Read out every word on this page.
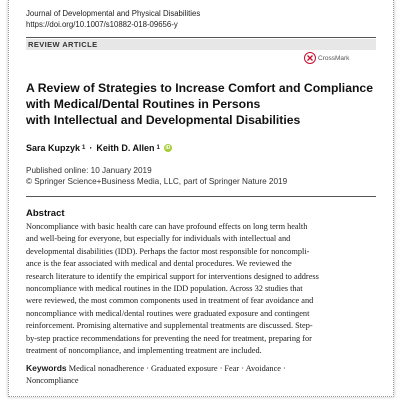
Journal of Developmental and Physical Disabilities
https://doi.org/10.1007/s10882-018-09656-y
REVIEW ARTICLE
CrossMark
A Review of Strategies to Increase Comfort and Compliance
with Medical/Dental Routines in Persons
with Intellectual and Developmental Disabilities
Sara Kupzyk 1 · Keith D. Allen 1	iD
Published online: 10 January 2019
© Springer Science+Business Media, LLC, part of Springer Nature 2019
Abstract
Noncompliance with basic health care can have profound effects on long term health
and well-being for everyone, but especially for individuals with intellectual and
developmental disabilities (IDD). Perhaps the factor most responsible for noncompli-
ance is the fear associated with medical and dental procedures. We reviewed the
research literature to identify the empirical support for interventions designed to address
noncompliance with medical routines in the IDD population. Across 32 studies that
were reviewed, the most common components used in treatment of fear avoidance and
noncompliance with medical/dental routines were graduated exposure and contingent
reinforcement. Promising alternative and supplemental treatments are discussed. Step-
by-step practice recommendations for preventing the need for treatment, preparing for
treatment of noncompliance, and implementing treatment are included.
Keywords Medical nonadherence · Graduated exposure · Fear · Avoidance ·
Noncompliance
